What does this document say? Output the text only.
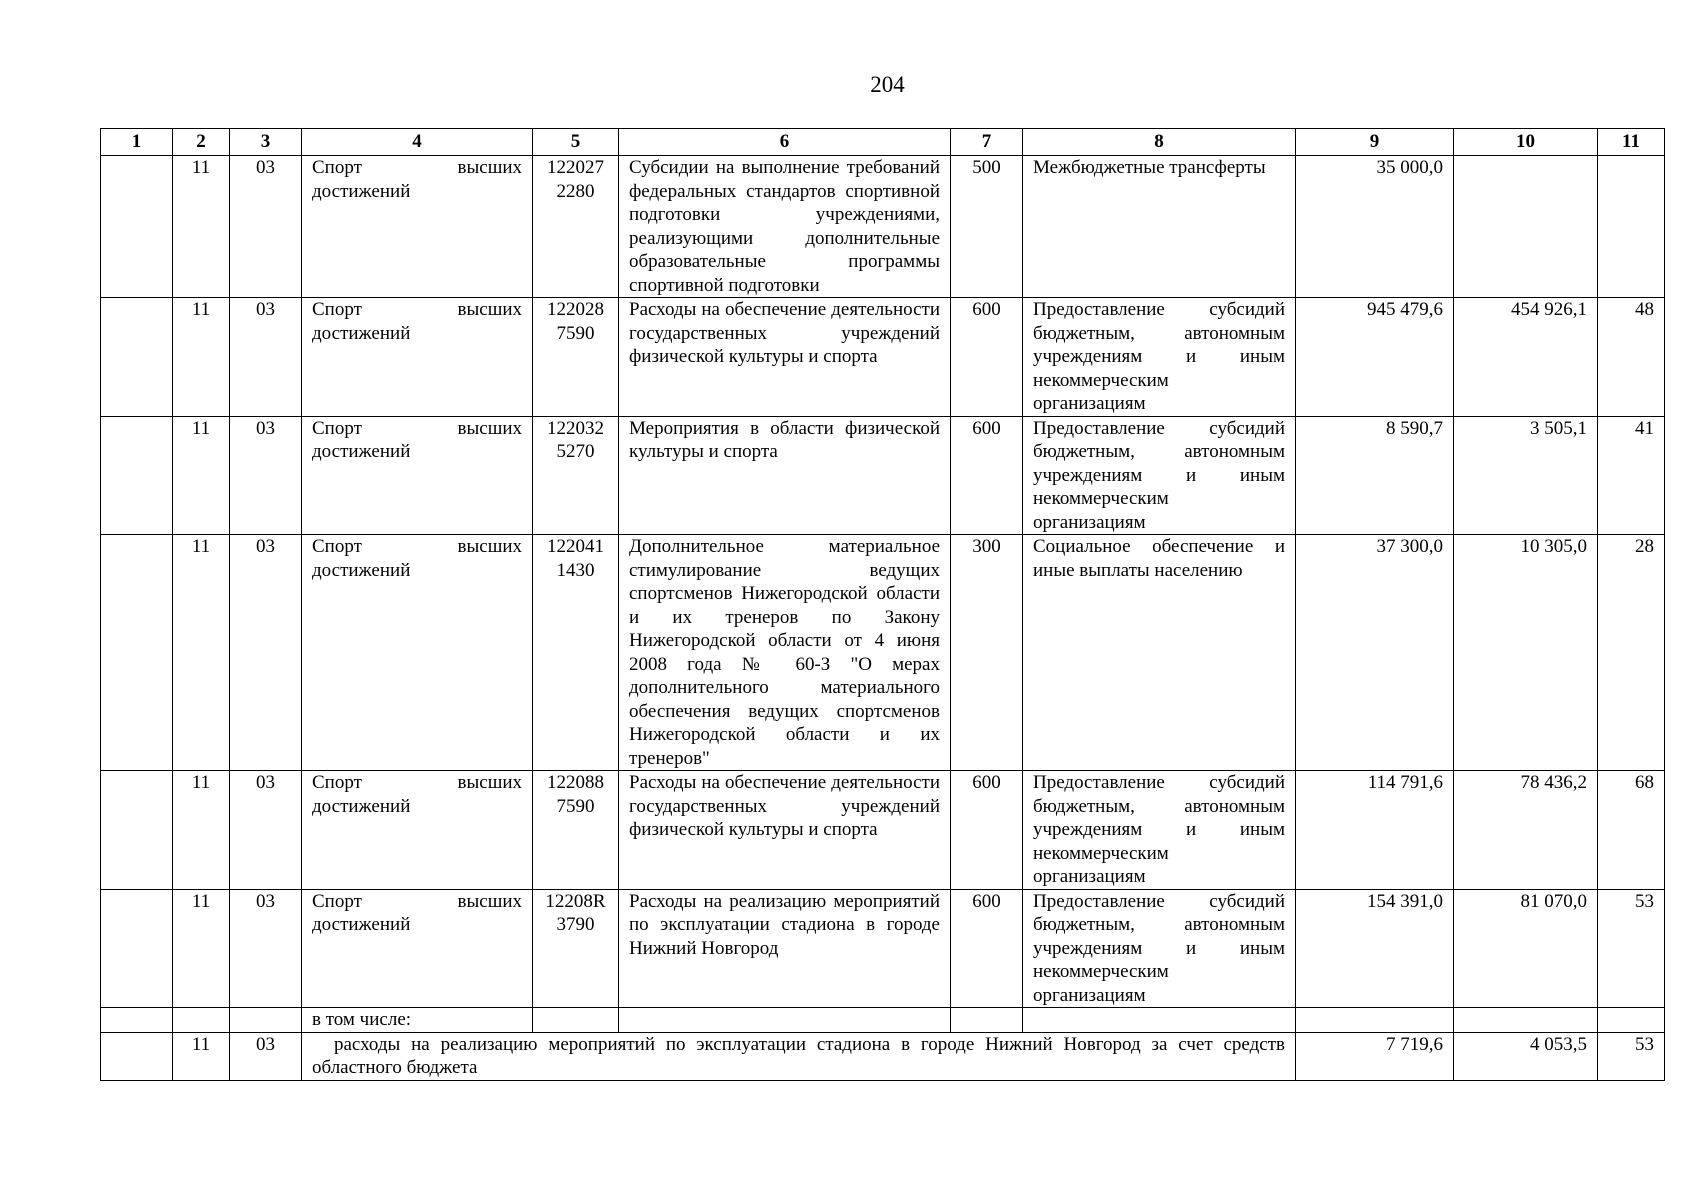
204
1	2	3	4	5	6	7	8	9	10	11
	11	03	Спорт высших достижений	122027 2280	Субсидии на выполнение требований федеральных стандартов спортивной подготовки учреждениями, реализующими дополнительные образовательные программы спортивной подготовки	500	Межбюджетные трансферты	35 000,0		
	11	03	Спорт высших достижений	122028 7590	Расходы на обеспечение деятельности государственных учреждений физической культуры и спорта	600	Предоставление субсидий бюджетным, автономным учреждениям и иным некоммерческим организациям	945 479,6	454 926,1	48
	11	03	Спорт высших достижений	122032 5270	Мероприятия в области физической культуры и спорта	600	Предоставление субсидий бюджетным, автономным учреждениям и иным некоммерческим организациям	8 590,7	3 505,1	41
	11	03	Спорт высших достижений	122041 1430	Дополнительное материальное стимулирование ведущих спортсменов Нижегородской области и их тренеров по Закону Нижегородской области от 4 июня 2008 года № 60-З "О мерах дополнительного материального обеспечения ведущих спортсменов Нижегородской области и их тренеров"	300	Социальное обеспечение и иные выплаты населению	37 300,0	10 305,0	28
	11	03	Спорт высших достижений	122088 7590	Расходы на обеспечение деятельности государственных учреждений физической культуры и спорта	600	Предоставление субсидий бюджетным, автономным учреждениям и иным некоммерческим организациям	114 791,6	78 436,2	68
	11	03	Спорт высших достижений	12208R 3790	Расходы на реализацию мероприятий по эксплуатации стадиона в городе Нижний Новгород	600	Предоставление субсидий бюджетным, автономным учреждениям и иным некоммерческим организациям	154 391,0	81 070,0	53
			в том числе:							
	11	03	расходы на реализацию мероприятий по эксплуатации стадиона в городе Нижний Новгород за счет средств областного бюджета					7 719,6	4 053,5	53
